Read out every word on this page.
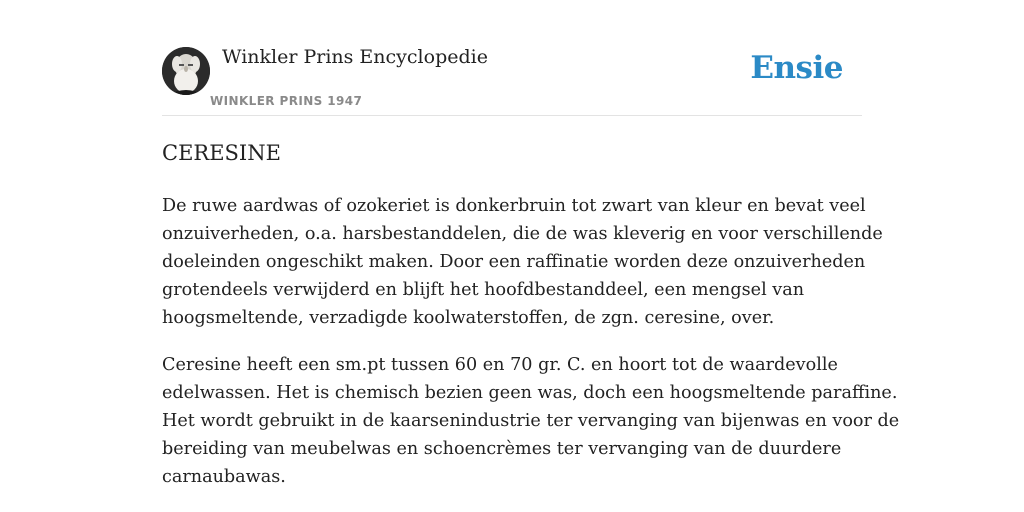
Winkler Prins Encyclopedie
WINKLER PRINS 1947
Ensie
CERESINE

De ruwe aardwas of ozokeriet is donkerbruin tot zwart van kleur en bevat veel
onzuiverheden, o.a. harsbestanddelen, die de was kleverig en voor verschillende
doeleinden ongeschikt maken. Door een raffinatie worden deze onzuiverheden
grotendeels verwijderd en blijft het hoofdbestanddeel, een mengsel van
hoogsmeltende, verzadigde koolwaterstoffen, de zgn. ceresine, over.

Ceresine heeft een sm.pt tussen 60 en 70 gr. C. en hoort tot de waardevolle
edelwassen. Het is chemisch bezien geen was, doch een hoogsmeltende paraffine.
Het wordt gebruikt in de kaarsenindustrie ter vervanging van bijenwas en voor de
bereiding van meubelwas en schoencrèmes ter vervanging van de duurdere
carnaubawas.
